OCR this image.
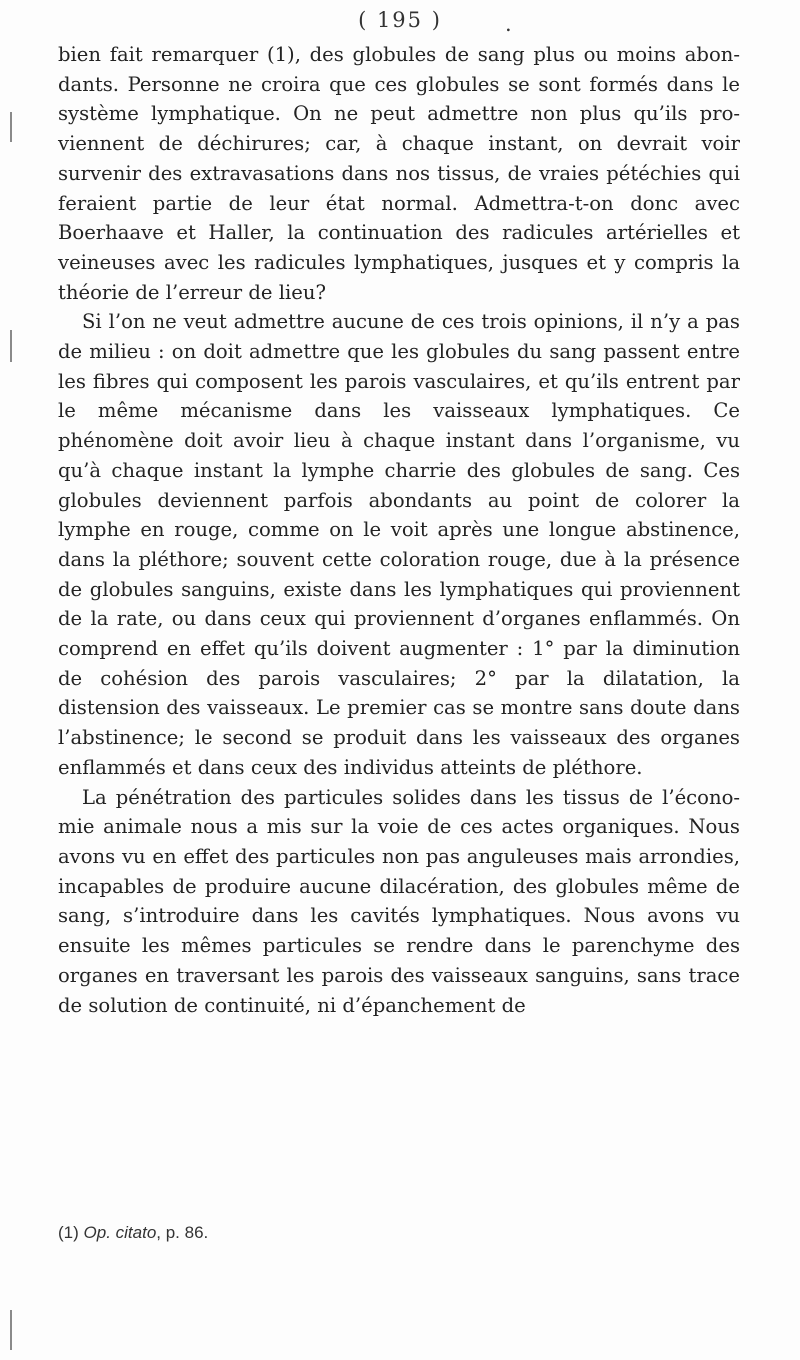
( 195 )	.

bien fait remarquer (1), des globules de sang plus ou moins abondants. Personne ne croira que ces globules se sont formés dans le système lymphatique. On ne peut admettre non plus qu’ils proviennent de déchirures; car, à chaque instant, on devrait voir survenir des extravasations dans nos tissus, de vraies pétéchies qui feraient partie de leur état normal. Admettra-t-on donc avec Boerhaave et Haller, la continuation des radicules artérielles et veineuses avec les radicules lymphatiques, jusques et y compris la théorie de l’erreur de lieu?

Si l’on ne veut admettre aucune de ces trois opinions, il n’y a pas de milieu : on doit admettre que les globules du sang passent entre les fibres qui composent les parois vasculaires, et qu’ils entrent par le même mécanisme dans les vaisseaux lymphatiques. Ce phénomène doit avoir lieu à chaque instant dans l’organisme, vu qu’à chaque instant la lymphe charrie des globules de sang. Ces globules deviennent parfois abondants au point de colorer la lymphe en rouge, comme on le voit après une longue abstinence, dans la pléthore; souvent cette coloration rouge, due à la présence de globules sanguins, existe dans les lymphatiques qui proviennent de la rate, ou dans ceux qui proviennent d’organes enflammés. On comprend en effet qu’ils doivent augmenter : 1° par la diminution de cohésion des parois vasculaires; 2° par la dilatation, la distension des vaisseaux. Le premier cas se montre sans doute dans l’abstinence; le second se produit dans les vaisseaux des organes enflammés et dans ceux des individus atteints de pléthore.

La pénétration des particules solides dans les tissus de l’économie animale nous a mis sur la voie de ces actes organiques. Nous avons vu en effet des particules non pas anguleuses mais arrondies, incapables de produire aucune dilacération, des globules même de sang, s’introduire dans les cavités lymphatiques. Nous avons vu ensuite les mêmes particules se rendre dans le parenchyme des organes en traversant les parois des vaisseaux sanguins, sans trace de solution de continuité, ni d’épanchement de

(1) Op. citato, p. 86.
